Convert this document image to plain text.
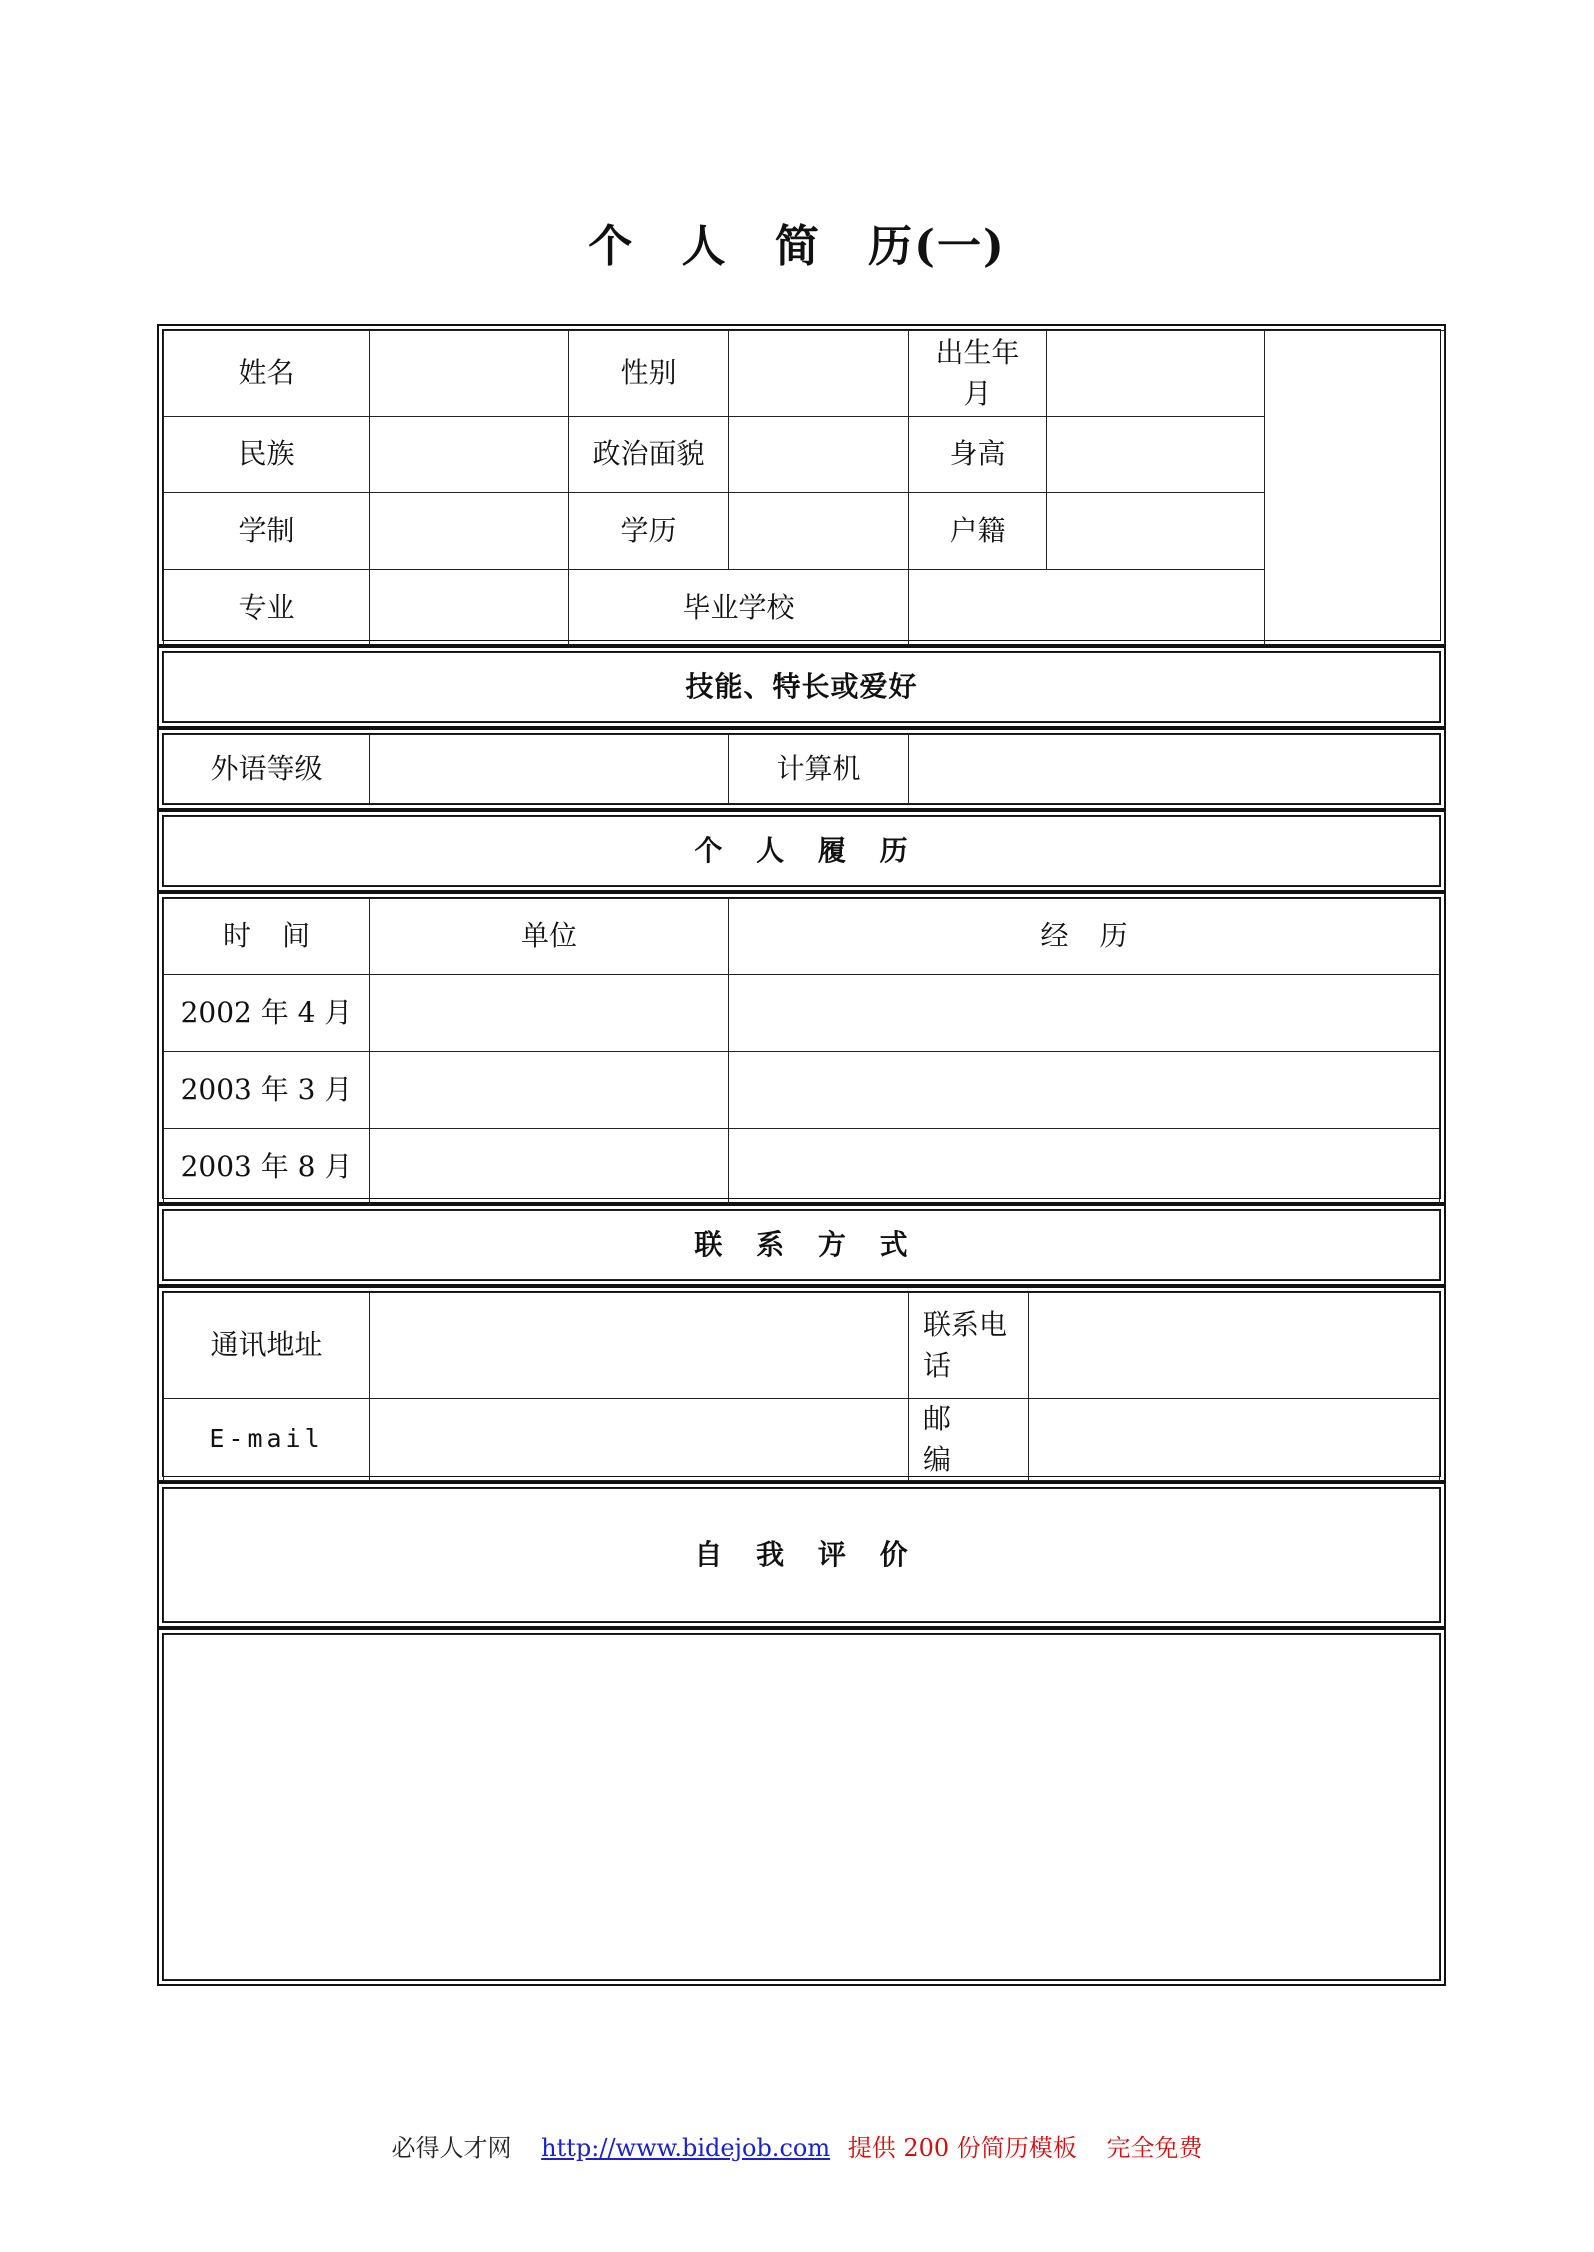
个 人 简 历(一)
姓名		性别		出生年月		
民族		政治面貌		身高		
学制		学历		户籍		
专业		毕业学校				
技能、特长或爱好
外语等级		计算机	
个 人 履 历
时 间	单位	经 历
2002 年 4 月		
2003 年 3 月		
2003 年 8 月		
联 系 方 式
通讯地址		联系电话	
E-mail		邮编	
自 我 评 价
必得人才网 http://www.bidejob.com 提供 200 份简历模板 完全免费
